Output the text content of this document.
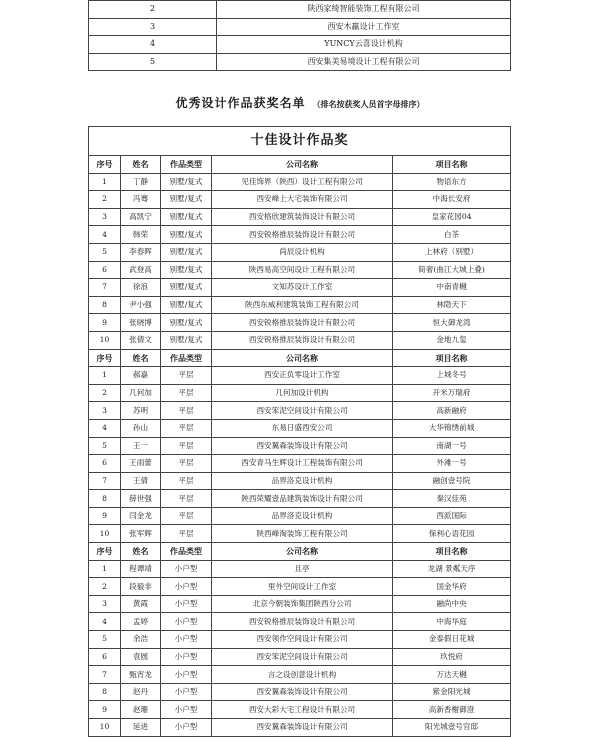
2	陕西家绮智能装饰工程有限公司
3	西安木羸设计工作室
4	YUNCY云喜设计机构
5	西安集美易境设计工程有限公司
优秀设计作品获奖名单 （排名按获奖人员首字母排序）
十佳设计作品奖				
序号	姓名	作品类型	公司名称	项目名称
1	丁静	别墅/复式	见佳饰界（陕西）设计工程有限公司	物语东方
2	冯骞	别墅/复式	西安峰上大宅装饰有限公司	中海长安府
3	高凯宁	别墅/复式	西安格欣建筑装饰设计有限公司	皇家花园04
4	韩荣	别墅/复式	西安锐格推辰装饰设计有限公司	白茶
5	李春晖	别墅/复式	尚辰设计机构	上林府（别墅）
6	武登高	别墅/复式	陕西易高空间设计工程有限公司	简奢(曲江大城上叠)
7	徐浪	别墅/复式	文知苏设计工作室	中南青樾
8	尹小强	别墅/复式	陕西东威利建筑装饰工程有限公司	林隐天下
9	张晓博	别墅/复式	西安锐格推辰装饰设计有限公司	恒大御龙湾
10	张倩文	别墅/复式	西安锐格推辰装饰设计有限公司	金地九玺
序号	姓名	作品类型	公司名称	项目名称
1	郝嘉	平层	西安正负零设计工作室	上城冬号
2	几何加	平层	几何加设计机构	开米万瑞府
3	苏明	平层	西安笨泥空间设计有限公司	高新融府
4	孙山	平层	东易日盛西安公司	大华锦绣前城
5	王一	平层	西安翼森装饰设计有限公司	南湖一号
6	王雨蕾	平层	西安青马生辉设计工程装饰有限公司	外滩一号
7	王倩	平层	品界洛克设计机构	融创壹号院
8	薛世强	平层	陕西荣耀壹品建筑装饰设计有限公司	秦汉佳苑
9	闫金龙	平层	品界洛克设计机构	西派国际
10	张军辉	平层	陕西峰淘装饰工程有限公司	保利心语花园
序号	姓名	作品类型	公司名称	项目名称
1	程谭靖	小户型	且亭	龙湖 景粼天序
2	段毅非	小户型	里外空间设计工作室	国金华府
3	黄霞	小户型	北京今朝装饰集团陕西分公司	融尚中央
4	孟婷	小户型	西安锐格推辰装饰设计有限公司	中海华庭
5	余浩	小户型	西安领作空间设计有限公司	金泰假日花城
6	袁圆	小户型	西安笨泥空间设计有限公司	玖悦府
7	甄宵龙	小户型	言之设创意设计机构	万达天樾
8	赵丹	小户型	西安翼森装饰设计有限公司	紫金阳光城
9	赵珊	小户型	西安大彩大宅工程设计有限公司	高新香榭御澄
10	延进	小户型	西安翼森装饰设计有限公司	阳光城壹号官邸
